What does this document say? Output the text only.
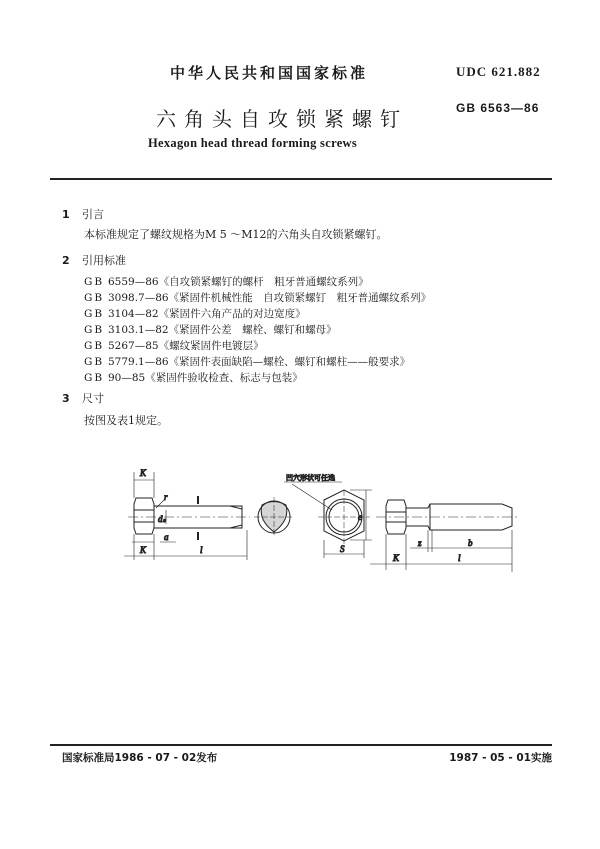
中华人民共和国国家标准	UDC 621.882
六角头自攻锁紧螺钉	GB 6563—86
Hexagon head thread forming screws
1 引言
本标准规定了螺纹规格为M 5 ～M12的六角头自攻锁紧螺钉。
2 引用标准
GB 6559—86《自攻锁紧螺钉的螺杆　粗牙普通螺纹系列》
GB 3098.7—86《紧固件机械性能　自攻锁紧螺钉　粗牙普通螺纹系列》
GB 3104—82《紧固件六角产品的对边宽度》
GB 3103.1—82《紧固件公差　螺栓、螺钉和螺母》
GB 5267—85《螺纹紧固件电镀层》
GB 5779.1—86《紧固件表面缺陷—螺栓、螺钉和螺柱——般要求》
GB 90—85《紧固件验收检查、标志与包装》
3 尺寸
按图及表1规定。
K
r
dₛ
a
K	l
凹穴形状可任选
e
S
z	b
K	l
国家标准局1986 - 07 - 02发布	1987 - 05 - 01实施
